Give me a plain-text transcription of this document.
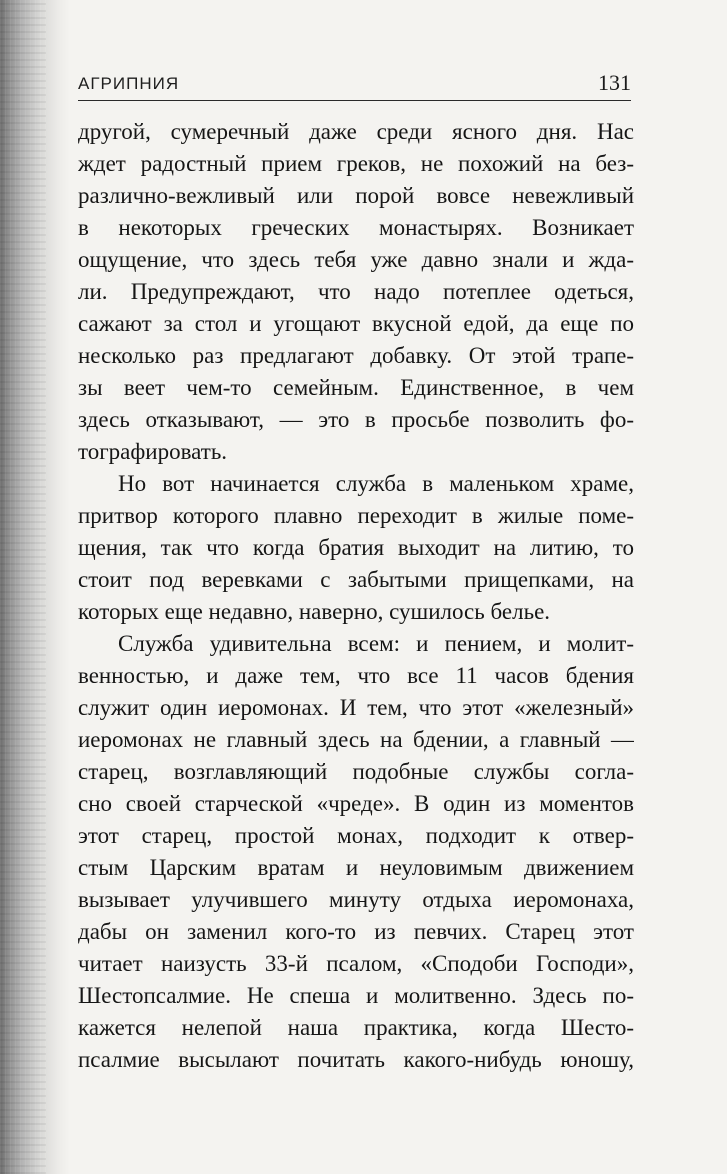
АГРИПНИЯ	131
другой, сумеречный даже среди ясного дня. Нас
ждет радостный прием греков, не похожий на без-
различно-вежливый или порой вовсе невежливый
в некоторых греческих монастырях. Возникает
ощущение, что здесь тебя уже давно знали и жда-
ли. Предупреждают, что надо потеплее одеться,
сажают за стол и угощают вкусной едой, да еще по
несколько раз предлагают добавку. От этой трапе-
зы веет чем-то семейным. Единственное, в чем
здесь отказывают, — это в просьбе позволить фо-
тографировать.
Но вот начинается служба в маленьком храме,
притвор которого плавно переходит в жилые поме-
щения, так что когда братия выходит на литию, то
стоит под веревками с забытыми прищепками, на
которых еще недавно, наверно, сушилось белье.
Служба удивительна всем: и пением, и молит-
венностью, и даже тем, что все 11 часов бдения
служит один иеромонах. И тем, что этот «железный»
иеромонах не главный здесь на бдении, а главный —
старец, возглавляющий подобные службы согла-
сно своей старческой «чреде». В один из моментов
этот старец, простой монах, подходит к отвер-
стым Царским вратам и неуловимым движением
вызывает улучившего минуту отдыха иеромонаха,
дабы он заменил кого-то из певчих. Старец этот
читает наизусть 33-й псалом, «Сподоби Господи»,
Шестопсалмие. Не спеша и молитвенно. Здесь по-
кажется нелепой наша практика, когда Шесто-
псалмие высылают почитать какого-нибудь юношу,
